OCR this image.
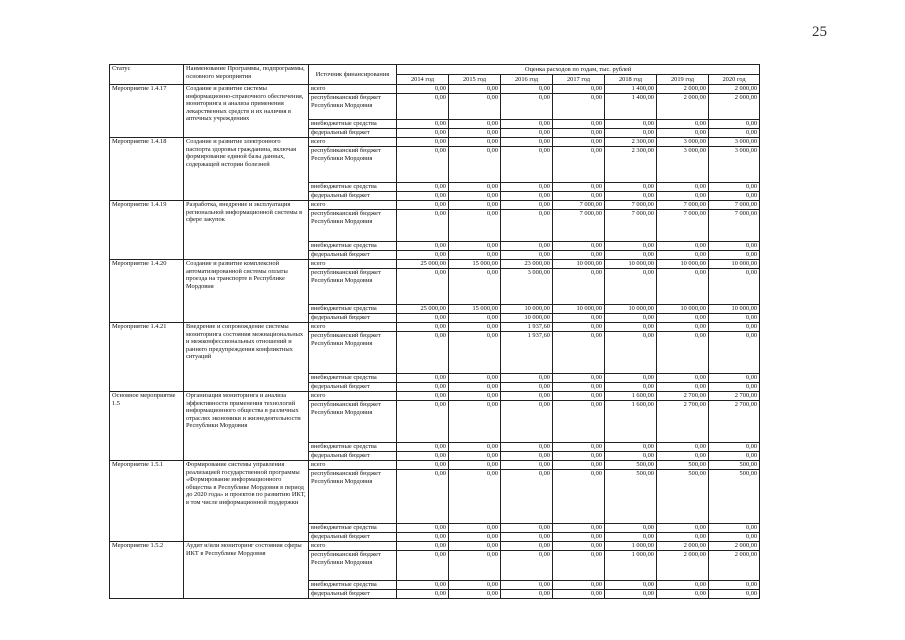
25
Статус	Наименование Программы, подпрограммы, основного мероприятия	Источник финансирования	Оценка расходов по годам, тыс. рублей						
			2014 год	2015 год	2016 год	2017 год	2018 год	2019 год	2020 год
Мероприятие 1.4.17	Создание и развитие системы информационно-справочного обеспечения, мониторинга и анализа применения лекарственных средств и их наличия в аптечных учреждениях	всего	0,00	0,00	0,00	0,00	1 400,00	2 000,00	2 000,00
		республиканский бюджет Республики Мордовия	0,00	0,00	0,00	0,00	1 400,00	2 000,00	2 000,00
		внебюджетные средства	0,00	0,00	0,00	0,00	0,00	0,00	0,00
		федеральный бюджет	0,00	0,00	0,00	0,00	0,00	0,00	0,00
Мероприятие 1.4.18	Создание и развитие электронного паспорта здоровья гражданина, включая формирование единой базы данных, содержащей истории болезней	всего	0,00	0,00	0,00	0,00	2 300,00	3 000,00	3 000,00
		республиканский бюджет Республики Мордовия	0,00	0,00	0,00	0,00	2 300,00	3 000,00	3 000,00
		внебюджетные средства	0,00	0,00	0,00	0,00	0,00	0,00	0,00
		федеральный бюджет	0,00	0,00	0,00	0,00	0,00	0,00	0,00
Мероприятие 1.4.19	Разработка, внедрение и эксплуатация региональной информационной системы в сфере закупок	всего	0,00	0,00	0,00	7 000,00	7 000,00	7 000,00	7 000,00
		республиканский бюджет Республики Мордовия	0,00	0,00	0,00	7 000,00	7 000,00	7 000,00	7 000,00
		внебюджетные средства	0,00	0,00	0,00	0,00	0,00	0,00	0,00
		федеральный бюджет	0,00	0,00	0,00	0,00	0,00	0,00	0,00
Мероприятие 1.4.20	Создание и развитие комплексной автоматизированной системы оплаты проезда на транспорте в Республике Мордовия	всего	25 000,00	15 000,00	23 000,00	10 000,00	10 000,00	10 000,00	10 000,00
		республиканский бюджет Республики Мордовия	0,00	0,00	3 000,00	0,00	0,00	0,00	0,00
		внебюджетные средства	25 000,00	15 000,00	10 000,00	10 000,00	10 000,00	10 000,00	10 000,00
		федеральный бюджет	0,00	0,00	10 000,00	0,00	0,00	0,00	0,00
Мероприятие 1.4.21	Внедрение и сопровождение системы мониторинга состояния межнациональных и межконфессиональных отношений и раннего предупреждения конфликтных ситуаций	всего	0,00	0,00	1 937,60	0,00	0,00	0,00	0,00
		республиканский бюджет Республики Мордовия	0,00	0,00	1 937,60	0,00	0,00	0,00	0,00
		внебюджетные средства	0,00	0,00	0,00	0,00	0,00	0,00	0,00
		федеральный бюджет	0,00	0,00	0,00	0,00	0,00	0,00	0,00
Основное мероприятие 1.5	Организация мониторинга и анализа эффективности применения технологий информационного общества в различных отраслях экономики и жизнедеятельности Республики Мордовия	всего	0,00	0,00	0,00	0,00	1 600,00	2 700,00	2 700,00
		республиканский бюджет Республики Мордовия	0,00	0,00	0,00	0,00	1 600,00	2 700,00	2 700,00
		внебюджетные средства	0,00	0,00	0,00	0,00	0,00	0,00	0,00
		федеральный бюджет	0,00	0,00	0,00	0,00	0,00	0,00	0,00
Мероприятие 1.5.1	Формирование системы управления реализацией государственной программы «Формирование информационного общества в Республике Мордовия в период до 2020 года» и проектов по развитию ИКТ, в том числе информационной поддержки	всего	0,00	0,00	0,00	0,00	500,00	500,00	500,00
		республиканский бюджет Республики Мордовия	0,00	0,00	0,00	0,00	500,00	500,00	500,00
		внебюджетные средства	0,00	0,00	0,00	0,00	0,00	0,00	0,00
		федеральный бюджет	0,00	0,00	0,00	0,00	0,00	0,00	0,00
Мероприятие 1.5.2	Аудит и/или мониторинг состояния сферы ИКТ в Республике Мордовия	всего	0,00	0,00	0,00	0,00	1 000,00	2 000,00	2 000,00
		республиканский бюджет Республики Мордовия	0,00	0,00	0,00	0,00	1 000,00	2 000,00	2 000,00
		внебюджетные средства	0,00	0,00	0,00	0,00	0,00	0,00	0,00
		федеральный бюджет	0,00	0,00	0,00	0,00	0,00	0,00	0,00
